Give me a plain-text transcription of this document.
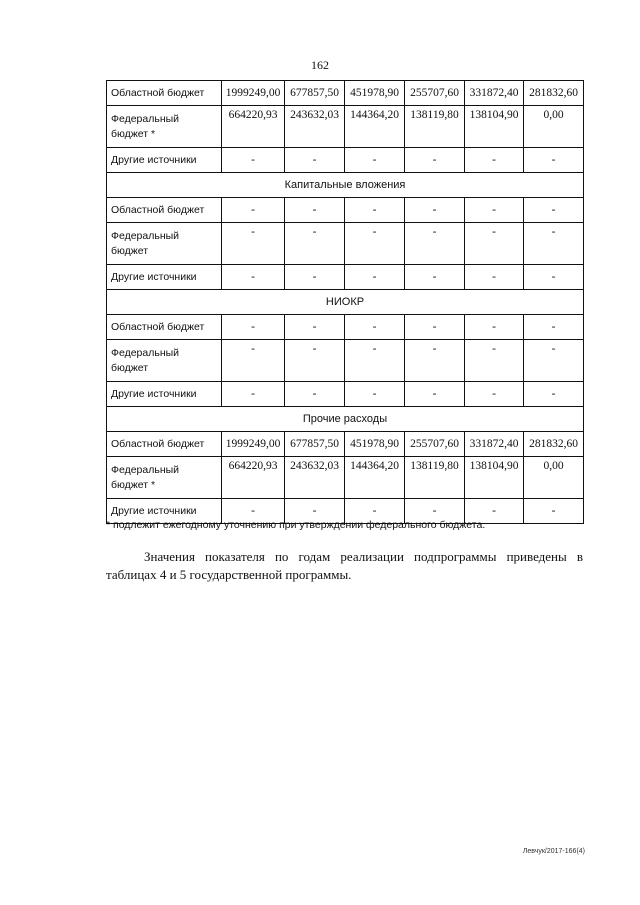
162
Областной бюджет	1999249,00	677857,50	451978,90	255707,60	331872,40	281832,60
Федеральный бюджет *	664220,93	243632,03	144364,20	138119,80	138104,90	0,00
Другие источники	-	-	-	-	-	-
Капитальные вложения						
Областной бюджет	-	-	-	-	-	-
Федеральный бюджет	-	-	-	-	-	-
Другие источники	-	-	-	-	-	-
НИОКР						
Областной бюджет	-	-	-	-	-	-
Федеральный бюджет	-	-	-	-	-	-
Другие источники	-	-	-	-	-	-
Прочие расходы						
Областной бюджет	1999249,00	677857,50	451978,90	255707,60	331872,40	281832,60
Федеральный бюджет *	664220,93	243632,03	144364,20	138119,80	138104,90	0,00
Другие источники	-	-	-	-	-	-
* подлежит ежегодному уточнению при утверждении федерального бюджета.
Значения показателя по годам реализации подпрограммы приведены в таблицах 4 и 5 государственной программы.
Левчук/2017-166(4)
